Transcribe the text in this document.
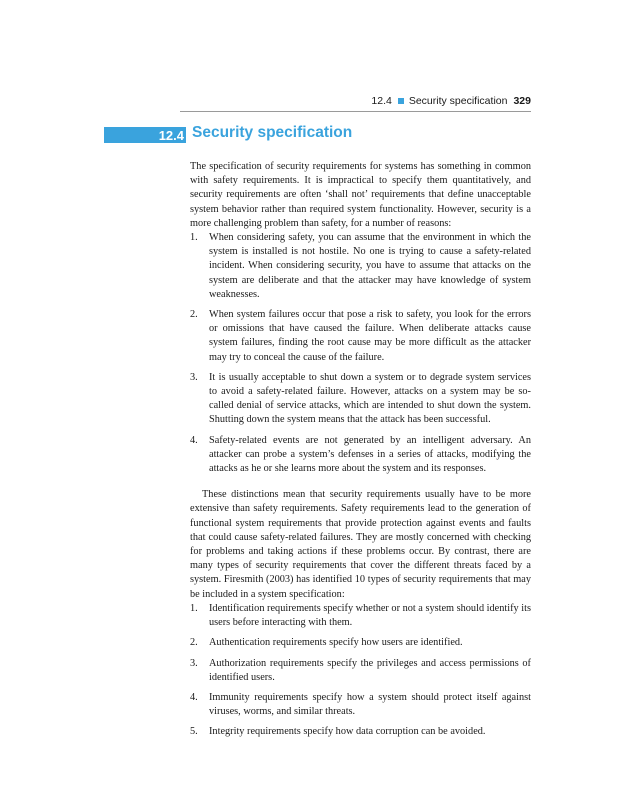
12.4 Security specification 329
12.4 Security specification

The specification of security requirements for systems has something in common with safety requirements. It is impractical to specify them quantitatively, and security requirements are often ‘shall not’ requirements that define unacceptable system behavior rather than required system functionality. However, security is a more challenging problem than safety, for a number of reasons:

1. When considering safety, you can assume that the environment in which the system is installed is not hostile. No one is trying to cause a safety-related incident. When considering security, you have to assume that attacks on the system are deliberate and that the attacker may have knowledge of system weaknesses.
2. When system failures occur that pose a risk to safety, you look for the errors or omissions that have caused the failure. When deliberate attacks cause system failures, finding the root cause may be more difficult as the attacker may try to conceal the cause of the failure.
3. It is usually acceptable to shut down a system or to degrade system services to avoid a safety-related failure. However, attacks on a system may be so-called denial of service attacks, which are intended to shut down the system. Shutting down the system means that the attack has been successful.
4. Safety-related events are not generated by an intelligent adversary. An attacker can probe a system’s defenses in a series of attacks, modifying the attacks as he or she learns more about the system and its responses.

These distinctions mean that security requirements usually have to be more extensive than safety requirements. Safety requirements lead to the generation of functional system requirements that provide protection against events and faults that could cause safety-related failures. They are mostly concerned with checking for problems and taking actions if these problems occur. By contrast, there are many types of security requirements that cover the different threats faced by a system. Firesmith (2003) has identified 10 types of security requirements that may be included in a system specification:

1. Identification requirements specify whether or not a system should identify its users before interacting with them.
2. Authentication requirements specify how users are identified.
3. Authorization requirements specify the privileges and access permissions of identified users.
4. Immunity requirements specify how a system should protect itself against viruses, worms, and similar threats.
5. Integrity requirements specify how data corruption can be avoided.
